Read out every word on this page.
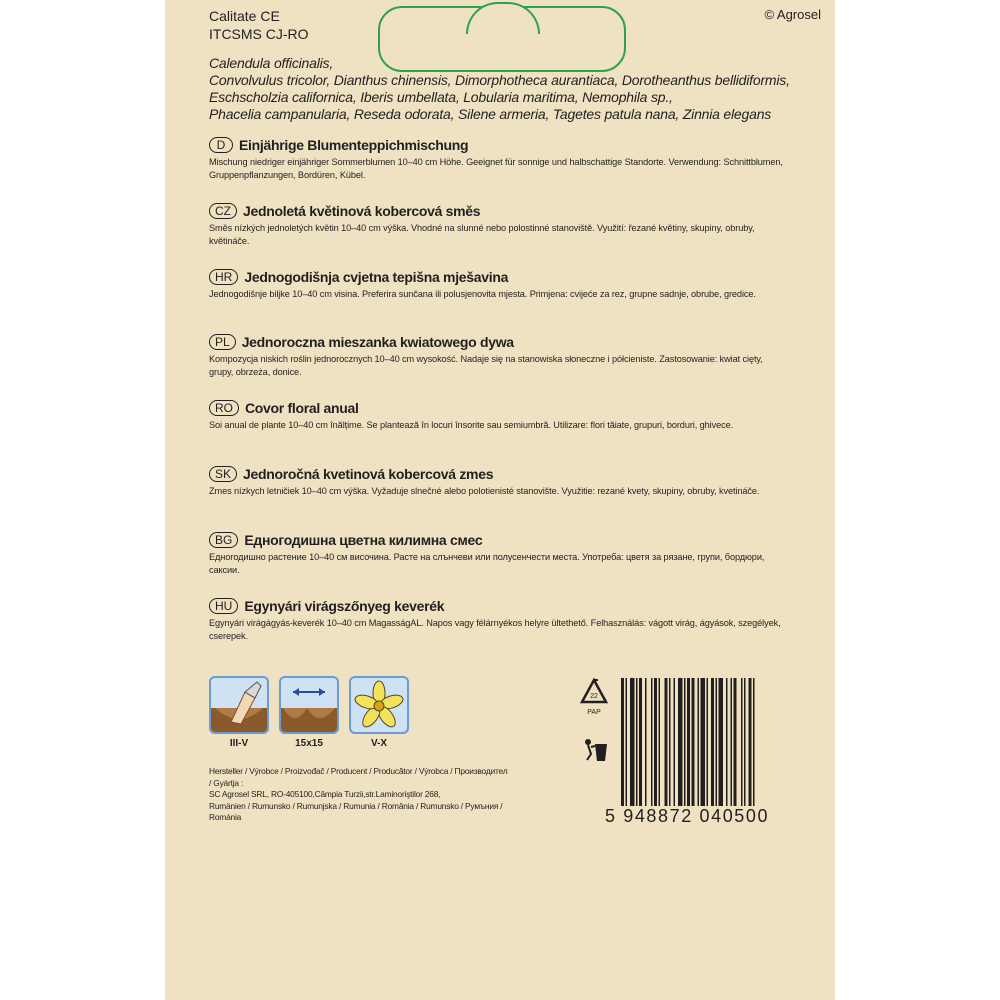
Calitate CE
ITCSMS CJ-RO
© Agrosel
Calendula officinalis,
Convolvulus tricolor, Dianthus chinensis, Dimorphotheca aurantiaca, Dorotheanthus bellidiformis,
Eschscholzia californica, Iberis umbellata, Lobularia maritima, Nemophila sp.,
Phacelia campanularia, Reseda odorata, Silene armeria, Tagetes patula nana, Zinnia elegans
D Einjährige Blumenteppichmischung
Mischung niedriger einjähriger Sommerblumen 10–40 cm Höhe. Geeignet für sonnige und halbschattige Standorte. Verwendung: Schnittblumen, Gruppenpflanzungen, Bordüren, Kübel.
CZ Jednoletá květinová kobercová směs
Směs nízkých jednoletých květin 10–40 cm výška. Vhodné na slunné nebo polostinné stanoviště. Využití: řezané květiny, skupiny, obruby, květináče.
HR Jednogodišnja cvjetna tepišna mješavina
Jednogodišnje biljke 10–40 cm visina. Preferira sunčana ili polusjenovita mjesta. Primjena: cvijeće za rez, grupne sadnje, obrube, gredice.
PL Jednoroczna mieszanka kwiatowego dywa
Kompozycja niskich roślin jednorocznych 10–40 cm wysokość. Nadaje się na stanowiska słoneczne i półcieniste. Zastosowanie: kwiat cięty, grupy, obrzeża, donice.
RO Covor floral anual
Soi anual de plante 10–40 cm înălțime. Se plantează în locuri însorite sau semiumbră. Utilizare: flori tăiate, grupuri, borduri, ghivece.
SK Jednoročná kvetinová kobercová zmes
Zmes nízkych letničiek 10–40 cm výška. Vyžaduje slnečné alebo polotienisté stanovište. Využitie: rezané kvety, skupiny, obruby, kvetináče.
BG Едногодишна цветна килимна смес
Едногодишно растение 10–40 см височина. Расте на слънчеви или полусенчести места. Употреба: цветя за рязане, групи, бордюри, саксии.
HU Egynyári virágszőnyeg keverék
Egynyári virágágyás-keverék 10–40 cm MagasságAL. Napos vagy félárnyékos helyre ültethető. Felhasználás: vágott virág, ágyások, szegélyek, cserepek.
III-V	15x15	V-X
Hersteller / Výrobce / Proizvođač / Producent / Producător / Výrobca / Производител / Gyártja :
SC Agrosel SRL, RO-405100,Câmpia Turzii,str.Laminoriştilor 268,
Rumänien / Rumunsko / Rumunjska / Rumunia / România / Rumunsko / Румъния / Románia
22
PAP
5 948872 040500
